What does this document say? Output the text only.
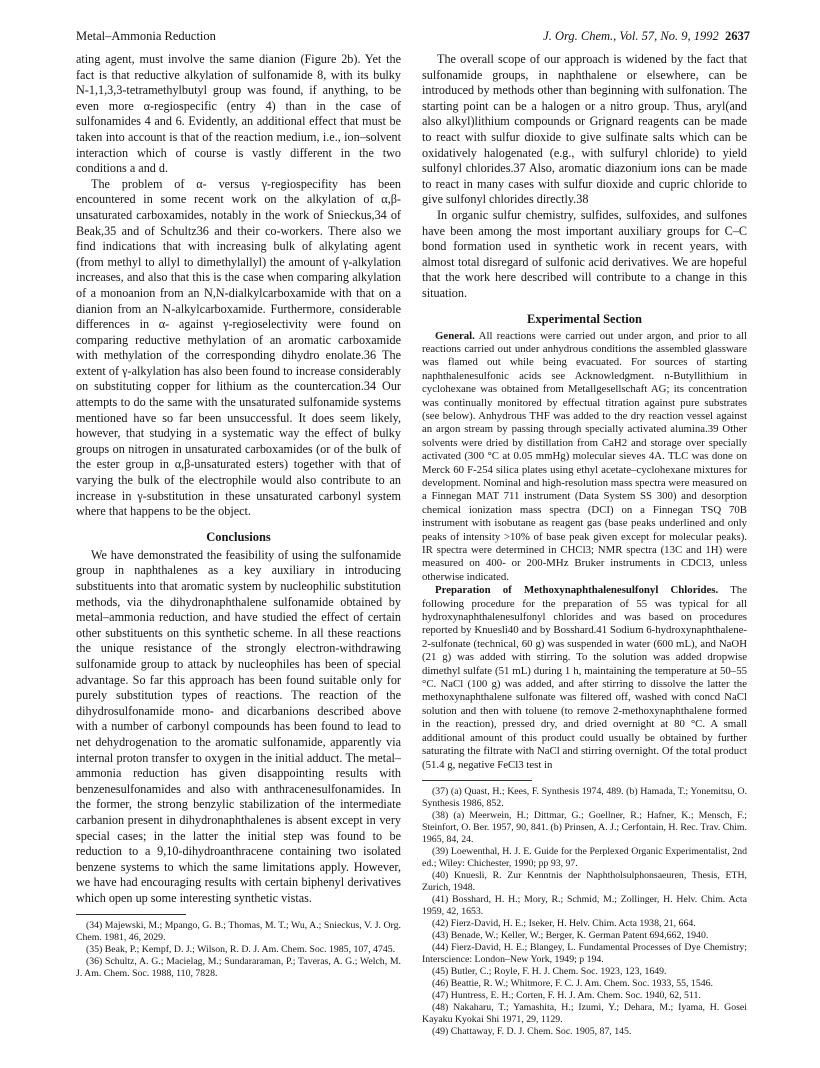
Metal–Ammonia Reduction	J. Org. Chem., Vol. 57, No. 9, 1992 2637

ating agent, must involve the same dianion (Figure 2b). Yet the fact is that reductive alkylation of sulfonamide 8, with its bulky N-1,1,3,3-tetramethylbutyl group was found, if anything, to be even more α-regiospecific (entry 4) than in the case of sulfonamides 4 and 6. Evidently, an additional effect that must be taken into account is that of the reaction medium, i.e., ion–solvent interaction which of course is vastly different in the two conditions a and d.

The problem of α- versus γ-regiospecifity has been encountered in some recent work on the alkylation of α,β-unsaturated carboxamides, notably in the work of Snieckus,34 of Beak,35 and of Schultz36 and their co-workers. There also we find indications that with increasing bulk of alkylating agent (from methyl to allyl to dimethylallyl) the amount of γ-alkylation increases, and also that this is the case when comparing alkylation of a monoanion from an N,N-dialkylcarboxamide with that on a dianion from an N-alkylcarboxamide. Furthermore, considerable differences in α- against γ-regioselectivity were found on comparing reductive methylation of an aromatic carboxamide with methylation of the corresponding dihydro enolate.36 The extent of γ-alkylation has also been found to increase considerably on substituting copper for lithium as the countercation.34 Our attempts to do the same with the unsaturated sulfonamide systems mentioned have so far been unsuccessful. It does seem likely, however, that studying in a systematic way the effect of bulky groups on nitrogen in unsaturated carboxamides (or of the bulk of the ester group in α,β-unsaturated esters) together with that of varying the bulk of the electrophile would also contribute to an increase in γ-substitution in these unsaturated carbonyl system where that happens to be the object.

Conclusions

We have demonstrated the feasibility of using the sulfonamide group in naphthalenes as a key auxiliary in introducing substituents into that aromatic system by nucleophilic substitution methods, via the dihydronaphthalene sulfonamide obtained by metal–ammonia reduction, and have studied the effect of certain other substituents on this synthetic scheme. In all these reactions the unique resistance of the strongly electron-withdrawing sulfonamide group to attack by nucleophiles has been of special advantage. So far this approach has been found suitable only for purely substitution types of reactions. The reaction of the dihydrosulfonamide mono- and dicarbanions described above with a number of carbonyl compounds has been found to lead to net dehydrogenation to the aromatic sulfonamide, apparently via internal proton transfer to oxygen in the initial adduct. The metal–ammonia reduction has given disappointing results with benzenesulfonamides and also with anthracenesulfonamides. In the former, the strong benzylic stabilization of the intermediate carbanion present in dihydronaphthalenes is absent except in very special cases; in the latter the initial step was found to be reduction to a 9,10-dihydroanthracene containing two isolated benzene systems to which the same limitations apply. However, we have had encouraging results with certain biphenyl derivatives which open up some interesting synthetic vistas.

(34) Majewski, M.; Mpango, G. B.; Thomas, M. T.; Wu, A.; Snieckus, V. J. Org. Chem. 1981, 46, 2029.

(35) Beak, P.; Kempf, D. J.; Wilson, R. D. J. Am. Chem. Soc. 1985, 107, 4745.

(36) Schultz, A. G.; Macielag, M.; Sundararaman, P.; Taveras, A. G.; Welch, M. J. Am. Chem. Soc. 1988, 110, 7828.

The overall scope of our approach is widened by the fact that sulfonamide groups, in naphthalene or elsewhere, can be introduced by methods other than beginning with sulfonation. The starting point can be a halogen or a nitro group. Thus, aryl(and also alkyl)lithium compounds or Grignard reagents can be made to react with sulfur dioxide to give sulfinate salts which can be oxidatively halogenated (e.g., with sulfuryl chloride) to yield sulfonyl chlorides.37 Also, aromatic diazonium ions can be made to react in many cases with sulfur dioxide and cupric chloride to give sulfonyl chlorides directly.38

In organic sulfur chemistry, sulfides, sulfoxides, and sulfones have been among the most important auxiliary groups for C–C bond formation used in synthetic work in recent years, with almost total disregard of sulfonic acid derivatives. We are hopeful that the work here described will contribute to a change in this situation.

Experimental Section

General. All reactions were carried out under argon, and prior to all reactions carried out under anhydrous conditions the assembled glassware was flamed out while being evacuated. For sources of starting naphthalenesulfonic acids see Acknowledgment. n-Butyllithium in cyclohexane was obtained from Metallgesellschaft AG; its concentration was continually monitored by effectual titration against pure substrates (see below). Anhydrous THF was added to the dry reaction vessel against an argon stream by passing through specially activated alumina.39 Other solvents were dried by distillation from CaH2 and storage over specially activated (300 °C at 0.05 mmHg) molecular sieves 4A. TLC was done on Merck 60 F-254 silica plates using ethyl acetate–cyclohexane mixtures for development. Nominal and high-resolution mass spectra were measured on a Finnegan MAT 711 instrument (Data System SS 300) and desorption chemical ionization mass spectra (DCI) on a Finnegan TSQ 70B instrument with isobutane as reagent gas (base peaks underlined and only peaks of intensity >10% of base peak given except for molecular peaks). IR spectra were determined in CHCl3; NMR spectra (13C and 1H) were measured on 400- or 200-MHz Bruker instruments in CDCl3, unless otherwise indicated.

Preparation of Methoxynaphthalenesulfonyl Chlorides. The following procedure for the preparation of 55 was typical for all hydroxynaphthalenesulfonyl chlorides and was based on procedures reported by Knuesli40 and by Bosshard.41 Sodium 6-hydroxynaphthalene-2-sulfonate (technical, 60 g) was suspended in water (600 mL), and NaOH (21 g) was added with stirring. To the solution was added dropwise dimethyl sulfate (51 mL) during 1 h, maintaining the temperature at 50–55 °C. NaCl (100 g) was added, and after stirring to dissolve the latter the methoxynaphthalene sulfonate was filtered off, washed with concd NaCl solution and then with toluene (to remove 2-methoxynaphthalene formed in the reaction), pressed dry, and dried overnight at 80 °C. A small additional amount of this product could usually be obtained by further saturating the filtrate with NaCl and stirring overnight. Of the total product (51.4 g, negative FeCl3 test in

(37) (a) Quast, H.; Kees, F. Synthesis 1974, 489. (b) Hamada, T.; Yonemitsu, O. Synthesis 1986, 852.

(38) (a) Meerwein, H.; Dittmar, G.; Goellner, R.; Hafner, K.; Mensch, F.; Steinfort, O. Ber. 1957, 90, 841. (b) Prinsen, A. J.; Cerfontain, H. Rec. Trav. Chim. 1965, 84, 24.

(39) Loewenthal, H. J. E. Guide for the Perplexed Organic Experimentalist, 2nd ed.; Wiley: Chichester, 1990; pp 93, 97.

(40) Knuesli, R. Zur Kenntnis der Naphtholsulphonsaeuren, Thesis, ETH, Zurich, 1948.

(41) Bosshard, H. H.; Mory, R.; Schmid, M.; Zollinger, H. Helv. Chim. Acta 1959, 42, 1653.

(42) Fierz-David, H. E.; Iseker, H. Helv. Chim. Acta 1938, 21, 664.

(43) Benade, W.; Keller, W.; Berger, K. German Patent 694,662, 1940.

(44) Fierz-David, H. E.; Blangey, L. Fundamental Processes of Dye Chemistry; Interscience: London–New York, 1949; p 194.

(45) Butler, C.; Royle, F. H. J. Chem. Soc. 1923, 123, 1649.

(46) Beattie, R. W.; Whitmore, F. C. J. Am. Chem. Soc. 1933, 55, 1546.

(47) Huntress, E. H.; Corten, F. H. J. Am. Chem. Soc. 1940, 62, 511.

(48) Nakaharu, T.; Yamashita, H.; Izumi, Y.; Dehara, M.; Iyama, H. Gosei Kayaku Kyokai Shi 1971, 29, 1129.

(49) Chattaway, F. D. J. Chem. Soc. 1905, 87, 145.
